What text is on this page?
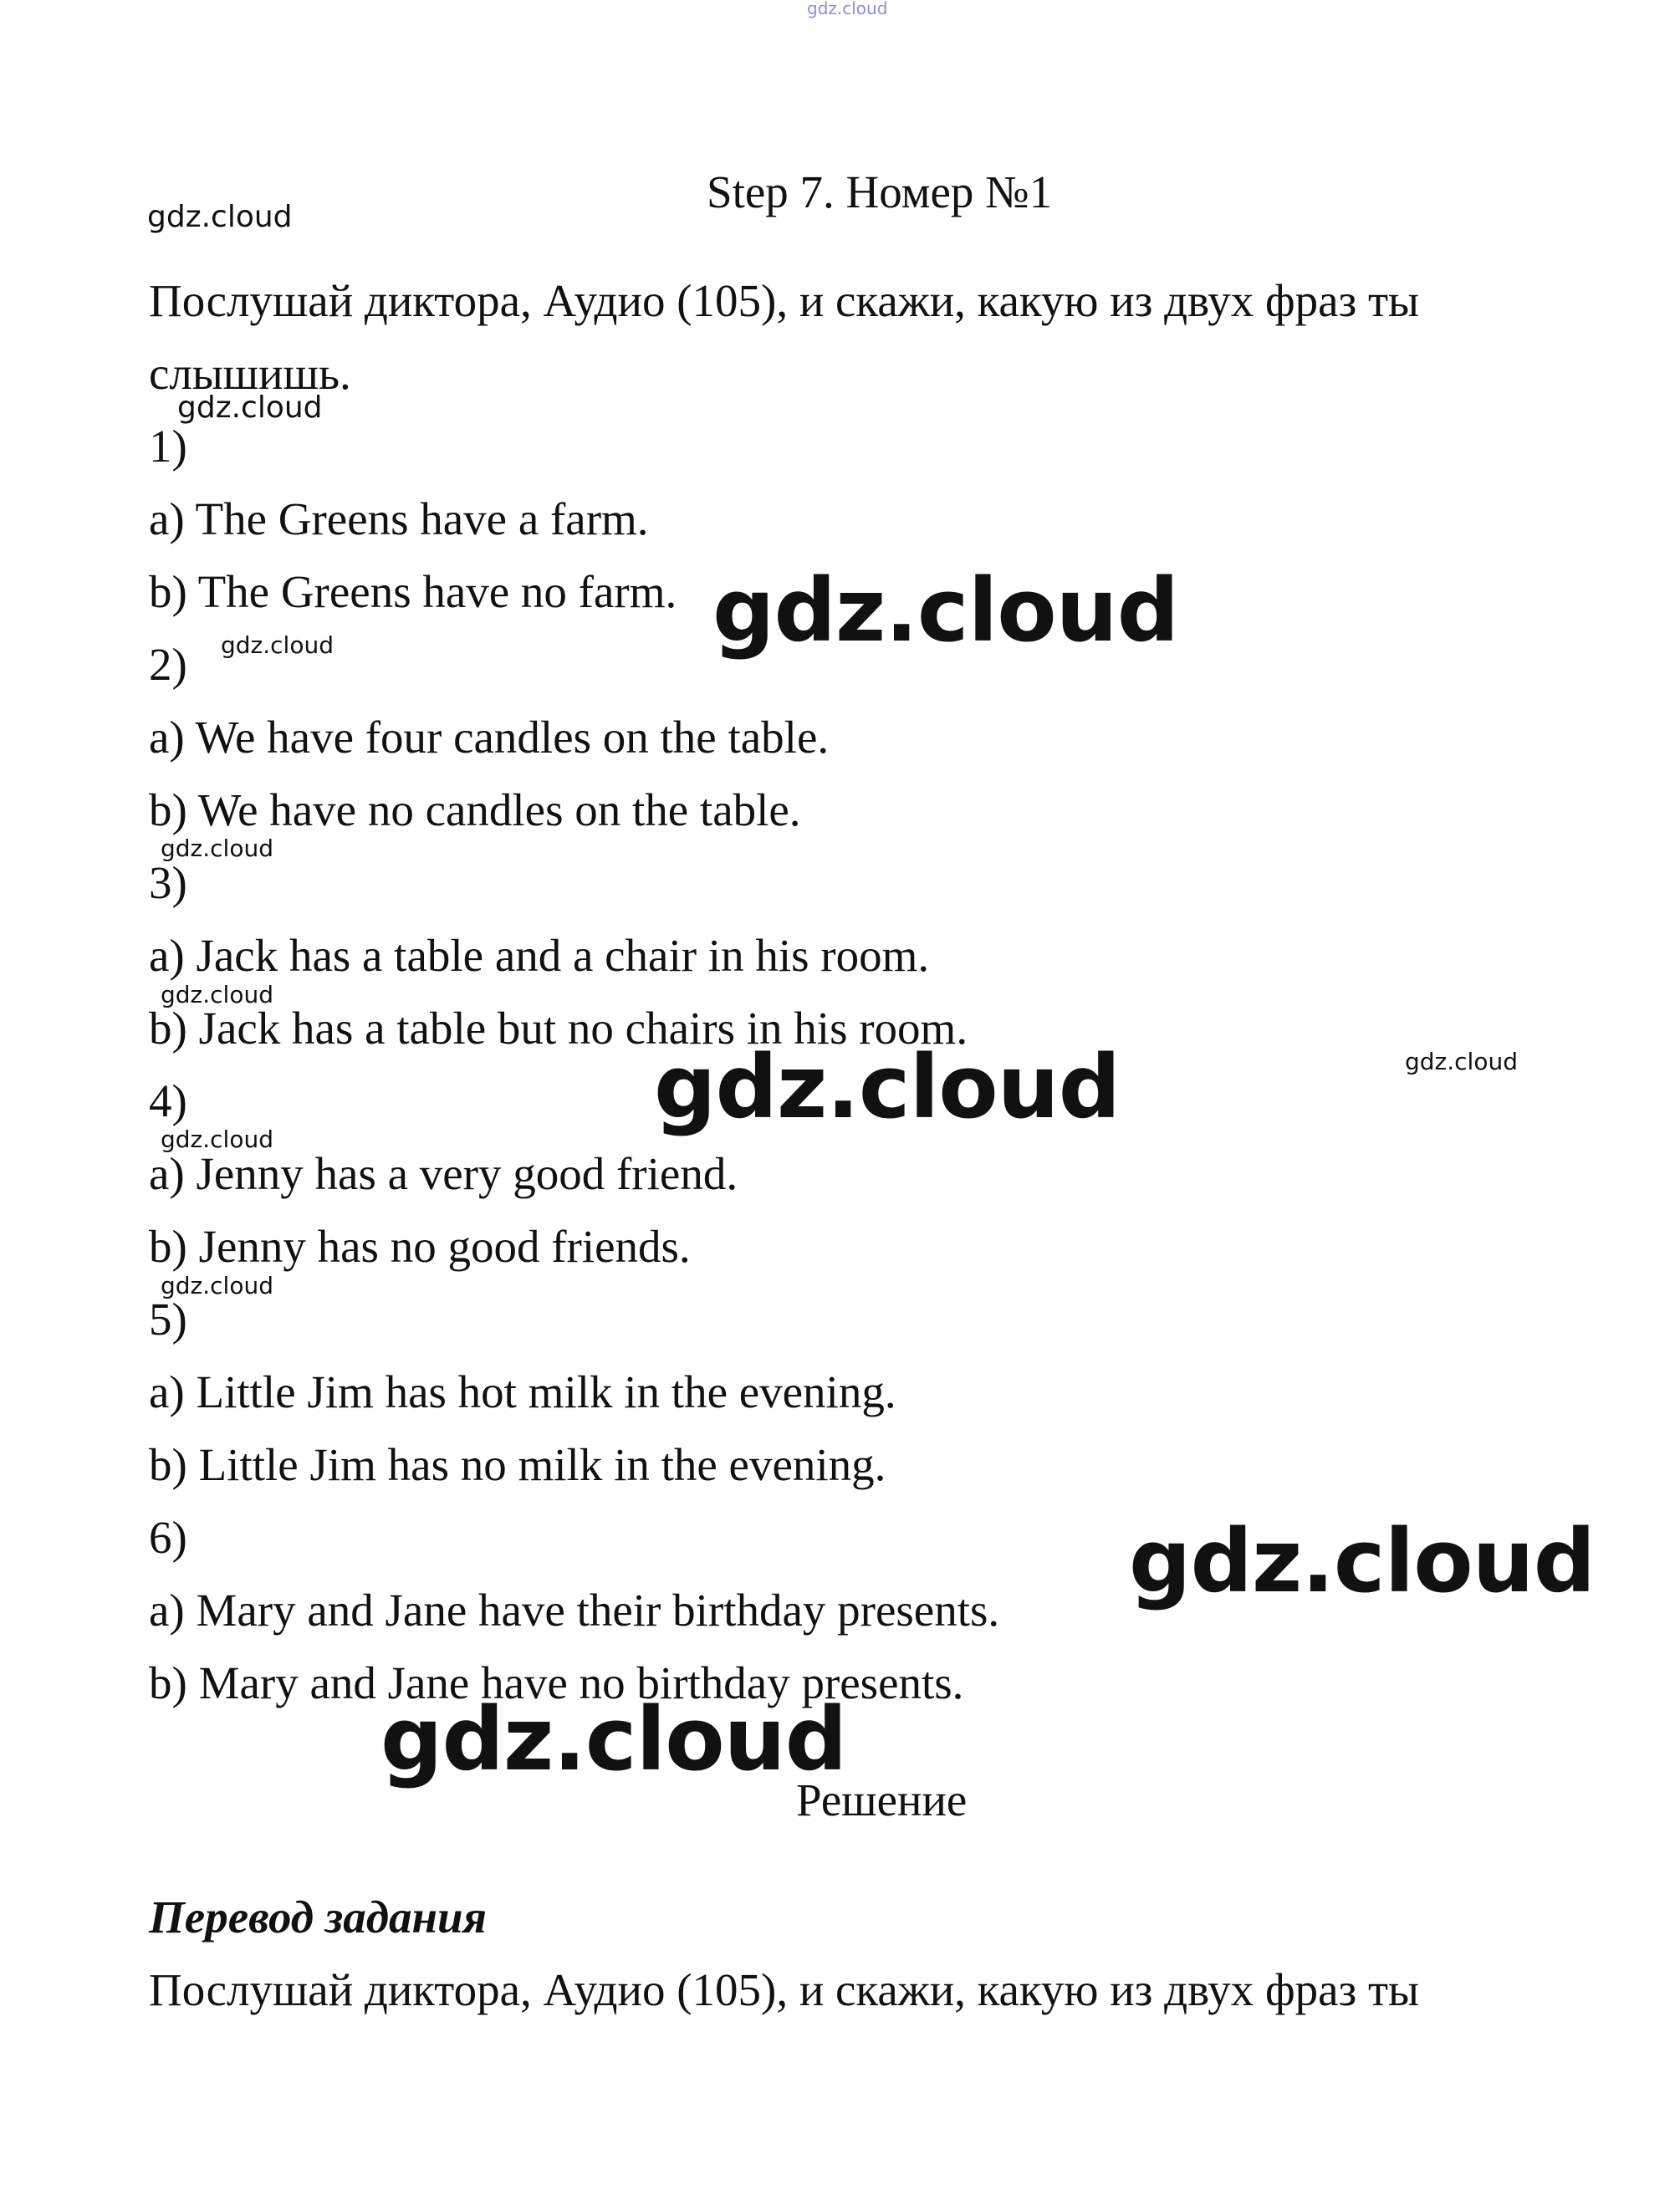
gdz.cloud
Step 7. Номер №1
gdz.cloud
Послушай диктора, Аудио (105), и скажи, какую из двух фраз ты
слышишь.
gdz.cloud
1)
a) The Greens have a farm.
b) The Greens have no farm. gdz.cloud
gdz.cloud
2)
a) We have four candles on the table.
b) We have no candles on the table.
gdz.cloud
3)
a) Jack has a table and a chair in his room.
gdz.cloud
b) Jack has a table but no chairs in his room.
gdz.cloud	gdz.cloud
4)
gdz.cloud
a) Jenny has a very good friend.
b) Jenny has no good friends.
gdz.cloud
5)
a) Little Jim has hot milk in the evening.
b) Little Jim has no milk in the evening.
6)	gdz.cloud
a) Mary and Jane have their birthday presents.
b) Mary and Jane have no birthday presents.
gdz.cloud
Решение
Перевод задания
Послушай диктора, Аудио (105), и скажи, какую из двух фраз ты
